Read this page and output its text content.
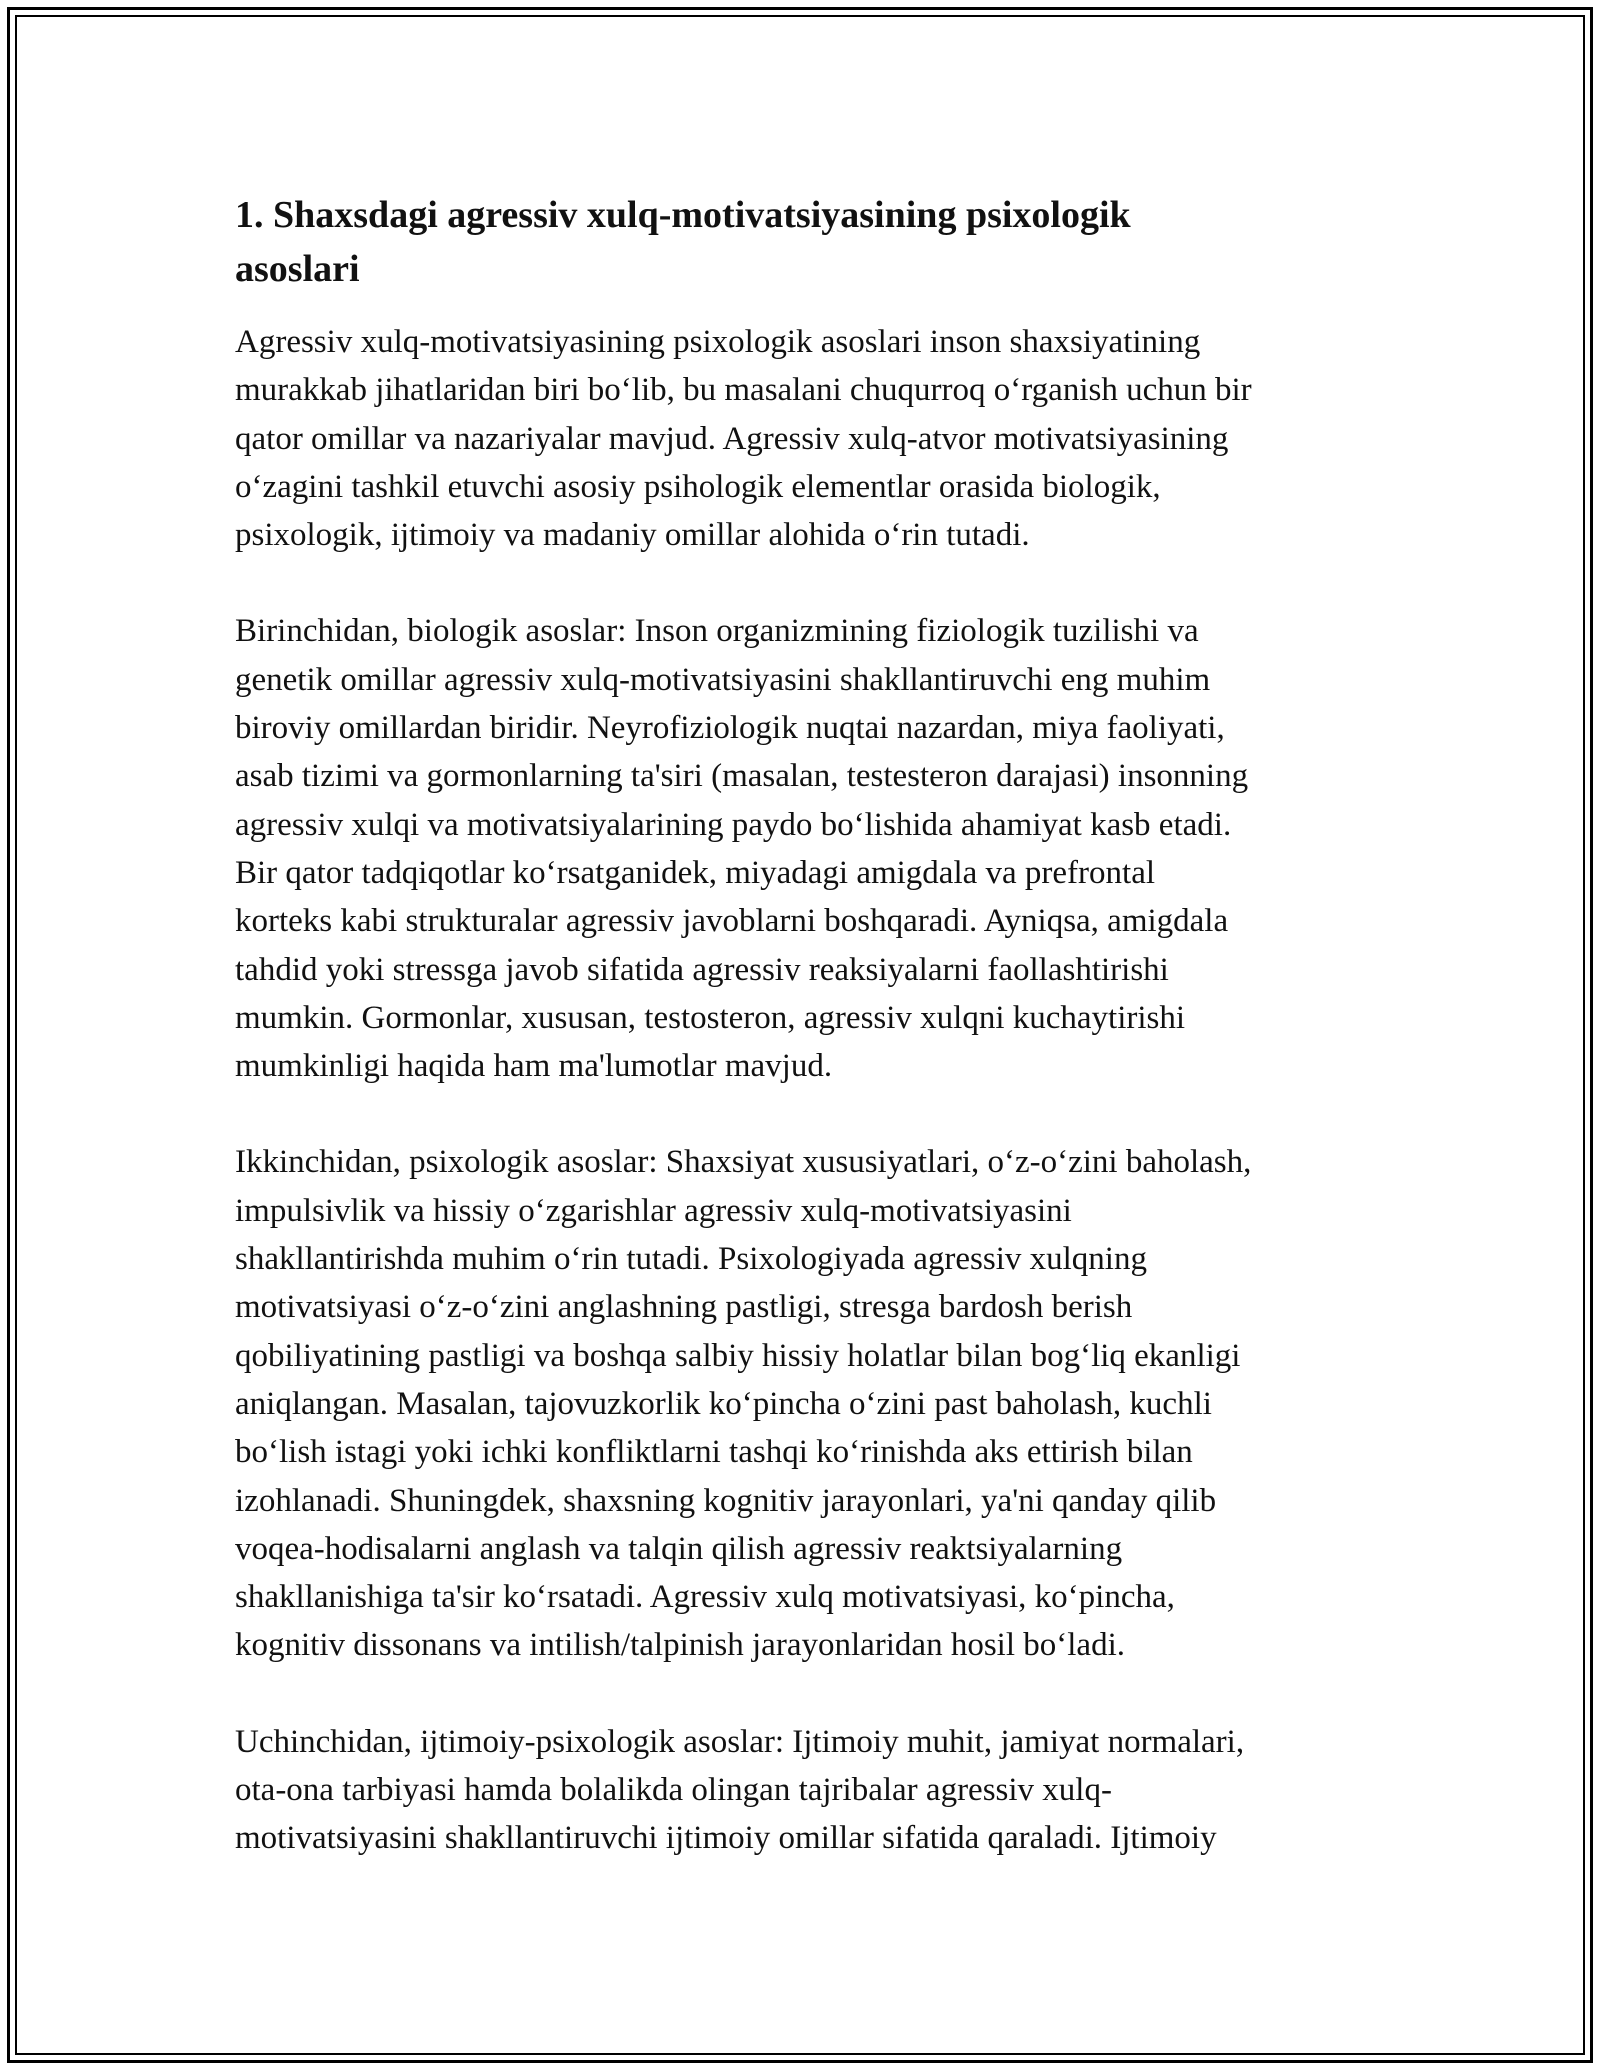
1. Shaxsdagi agressiv xulq-motivatsiyasining psixologik
asoslari

Agressiv xulq-motivatsiyasining psixologik asoslari inson shaxsiyatining
murakkab jihatlaridan biri bo‘lib, bu masalani chuqurroq o‘rganish uchun bir
qator omillar va nazariyalar mavjud. Agressiv xulq-atvor motivatsiyasining
o‘zagini tashkil etuvchi asosiy psihologik elementlar orasida biologik,
psixologik, ijtimoiy va madaniy omillar alohida o‘rin tutadi.

Birinchidan, biologik asoslar: Inson organizmining fiziologik tuzilishi va
genetik omillar agressiv xulq-motivatsiyasini shakllantiruvchi eng muhim
biroviy omillardan biridir. Neyrofiziologik nuqtai nazardan, miya faoliyati,
asab tizimi va gormonlarning ta'siri (masalan, testesteron darajasi) insonning
agressiv xulqi va motivatsiyalarining paydo bo‘lishida ahamiyat kasb etadi.
Bir qator tadqiqotlar ko‘rsatganidek, miyadagi amigdala va prefrontal
korteks kabi strukturalar agressiv javoblarni boshqaradi. Ayniqsa, amigdala
tahdid yoki stressga javob sifatida agressiv reaksiyalarni faollashtirishi
mumkin. Gormonlar, xususan, testosteron, agressiv xulqni kuchaytirishi
mumkinligi haqida ham ma'lumotlar mavjud.

Ikkinchidan, psixologik asoslar: Shaxsiyat xususiyatlari, o‘z-o‘zini baholash,
impulsivlik va hissiy o‘zgarishlar agressiv xulq-motivatsiyasini
shakllantirishda muhim o‘rin tutadi. Psixologiyada agressiv xulqning
motivatsiyasi o‘z-o‘zini anglashning pastligi, stresga bardosh berish
qobiliyatining pastligi va boshqa salbiy hissiy holatlar bilan bog‘liq ekanligi
aniqlangan. Masalan, tajovuzkorlik ko‘pincha o‘zini past baholash, kuchli
bo‘lish istagi yoki ichki konfliktlarni tashqi ko‘rinishda aks ettirish bilan
izohlanadi. Shuningdek, shaxsning kognitiv jarayonlari, ya'ni qanday qilib
voqea-hodisalarni anglash va talqin qilish agressiv reaktsiyalarning
shakllanishiga ta'sir ko‘rsatadi. Agressiv xulq motivatsiyasi, ko‘pincha,
kognitiv dissonans va intilish/talpinish jarayonlaridan hosil bo‘ladi.

Uchinchidan, ijtimoiy-psixologik asoslar: Ijtimoiy muhit, jamiyat normalari,
ota-ona tarbiyasi hamda bolalikda olingan tajribalar agressiv xulq-
motivatsiyasini shakllantiruvchi ijtimoiy omillar sifatida qaraladi. Ijtimoiy
